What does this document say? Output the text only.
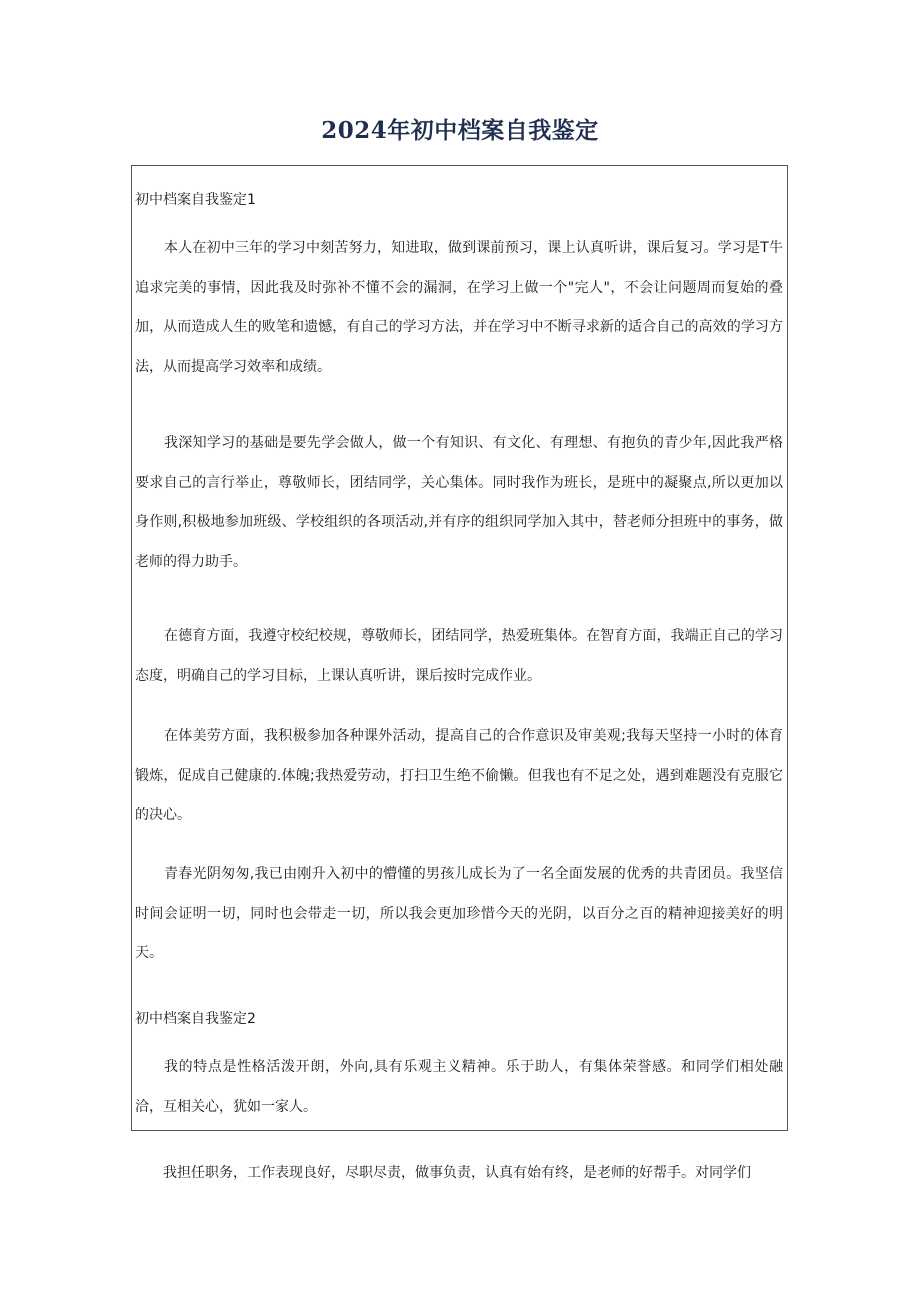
2024年初中档案自我鉴定
初中档案自我鉴定1

本人在初中三年的学习中刻苦努力，知进取，做到课前预习，课上认真听讲，课后复习。学习是T牛追求完美的事情，因此我及时弥补不懂不会的漏洞，在学习上做一个"完人"，不会让问题周而复始的叠加，从而造成人生的败笔和遗憾，有自己的学习方法，并在学习中不断寻求新的适合自己的高效的学习方法，从而提高学习效率和成绩。

我深知学习的基础是要先学会做人，做一个有知识、有文化、有理想、有抱负的青少年,因此我严格要求自己的言行举止，尊敬师长，团结同学，关心集体。同时我作为班长，是班中的凝聚点,所以更加以身作则,积极地参加班级、学校组织的各项活动,并有序的组织同学加入其中，替老师分担班中的事务，做老师的得力助手。

在德育方面，我遵守校纪校规，尊敬师长，团结同学，热爱班集体。在智育方面，我端正自己的学习态度，明确自己的学习目标，上课认真听讲，课后按时完成作业。

在体美劳方面，我积极参加各种课外活动，提高自己的合作意识及审美观;我每天坚持一小时的体育锻炼，促成自己健康的.体魄;我热爱劳动，打扫卫生绝不偷懒。但我也有不足之处，遇到难题没有克服它的决心。

青春光阴匆匆,我已由刚升入初中的懵懂的男孩儿成长为了一名全面发展的优秀的共青团员。我坚信时间会证明一切，同时也会带走一切，所以我会更加珍惜今天的光阴，以百分之百的精神迎接美好的明天。

初中档案自我鉴定2

我的特点是性格活泼开朗，外向,具有乐观主义精神。乐于助人，有集体荣誉感。和同学们相处融洽，互相关心，犹如一家人。

我担任职务，工作表现良好，尽职尽责，做事负责，认真有始有终，是老师的好帮手。对同学们
